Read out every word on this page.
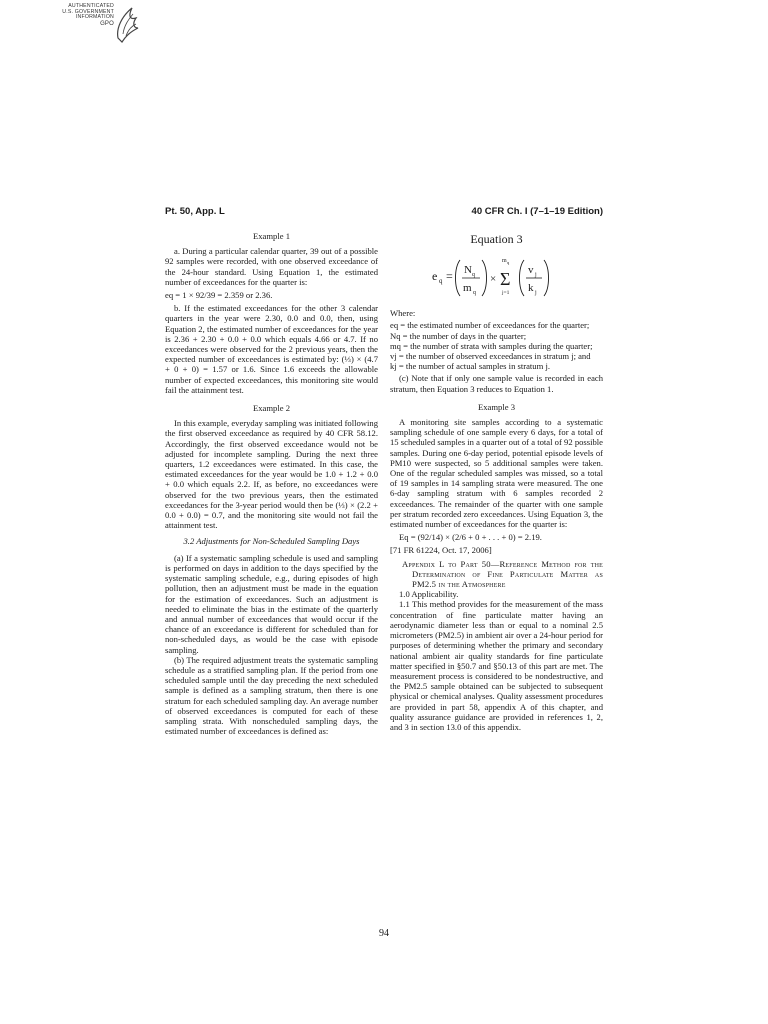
AUTHENTICATED
U.S. GOVERNMENT
INFORMATION
GPO
Pt. 50, App. L	40 CFR Ch. I (7–1–19 Edition)

Example 1

a. During a particular calendar quarter, 39 out of a possible 92 samples were recorded, with one observed exceedance of the 24-hour standard. Using Equation 1, the estimated number of exceedances for the quarter is:

eq = 1 × 92/39 = 2.359 or 2.36.

b. If the estimated exceedances for the other 3 calendar quarters in the year were 2.30, 0.0 and 0.0, then, using Equation 2, the estimated number of exceedances for the year is 2.36 + 2.30 + 0.0 + 0.0 which equals 4.66 or 4.7. If no exceedances were observed for the 2 previous years, then the expected number of exceedances is estimated by: (⅓) × (4.7 + 0 + 0) = 1.57 or 1.6. Since 1.6 exceeds the allowable number of expected exceedances, this monitoring site would fail the attainment test.

Example 2

In this example, everyday sampling was initiated following the first observed exceedance as required by 40 CFR 58.12. Accordingly, the first observed exceedance would not be adjusted for incomplete sampling. During the next three quarters, 1.2 exceedances were estimated. In this case, the estimated exceedances for the year would be 1.0 + 1.2 + 0.0 + 0.0 which equals 2.2. If, as before, no exceedances were observed for the two previous years, then the estimated exceedances for the 3-year period would then be (⅓) × (2.2 + 0.0 + 0.0) = 0.7, and the monitoring site would not fail the attainment test.

3.2 Adjustments for Non-Scheduled Sampling Days

(a) If a systematic sampling schedule is used and sampling is performed on days in addition to the days specified by the systematic sampling schedule, e.g., during episodes of high pollution, then an adjustment must be made in the equation for the estimation of exceedances. Such an adjustment is needed to eliminate the bias in the estimate of the quarterly and annual number of exceedances that would occur if the chance of an exceedance is different for scheduled than for non-scheduled days, as would be the case with episode sampling.

(b) The required adjustment treats the systematic sampling schedule as a stratified sampling plan. If the period from one scheduled sample until the day preceding the next scheduled sample is defined as a sampling stratum, then there is one stratum for each scheduled sampling day. An average number of observed exceedances is computed for each of these sampling strata. With nonscheduled sampling days, the estimated number of exceedances is defined as:

Equation 3
e q = N q
m q
×
m q
Σ
j=1
v j
k j

Where:

eq = the estimated number of exceedances for the quarter;

Nq = the number of days in the quarter;

mq = the number of strata with samples during the quarter;

vj = the number of observed exceedances in stratum j; and

kj = the number of actual samples in stratum j.

(c) Note that if only one sample value is recorded in each stratum, then Equation 3 reduces to Equation 1.

Example 3

A monitoring site samples according to a systematic sampling schedule of one sample every 6 days, for a total of 15 scheduled samples in a quarter out of a total of 92 possible samples. During one 6-day period, potential episode levels of PM10 were suspected, so 5 additional samples were taken. One of the regular scheduled samples was missed, so a total of 19 samples in 14 sampling strata were measured. The one 6-day sampling stratum with 6 samples recorded 2 exceedances. The remainder of the quarter with one sample per stratum recorded zero exceedances. Using Equation 3, the estimated number of exceedances for the quarter is:

Eq = (92/14) × (2/6 + 0 + . . . + 0) = 2.19.

[71 FR 61224, Oct. 17, 2006]

Appendix L to Part 50—Reference Method for the Determination of Fine Particulate Matter as PM2.5 in the Atmosphere

1.0 Applicability.

1.1 This method provides for the measurement of the mass concentration of fine particulate matter having an aerodynamic diameter less than or equal to a nominal 2.5 micrometers (PM2.5) in ambient air over a 24-hour period for purposes of determining whether the primary and secondary national ambient air quality standards for fine particulate matter specified in §50.7 and §50.13 of this part are met. The measurement process is considered to be nondestructive, and the PM2.5 sample obtained can be subjected to subsequent physical or chemical analyses. Quality assessment procedures are provided in part 58, appendix A of this chapter, and quality assurance guidance are provided in references 1, 2, and 3 in section 13.0 of this appendix.

94
